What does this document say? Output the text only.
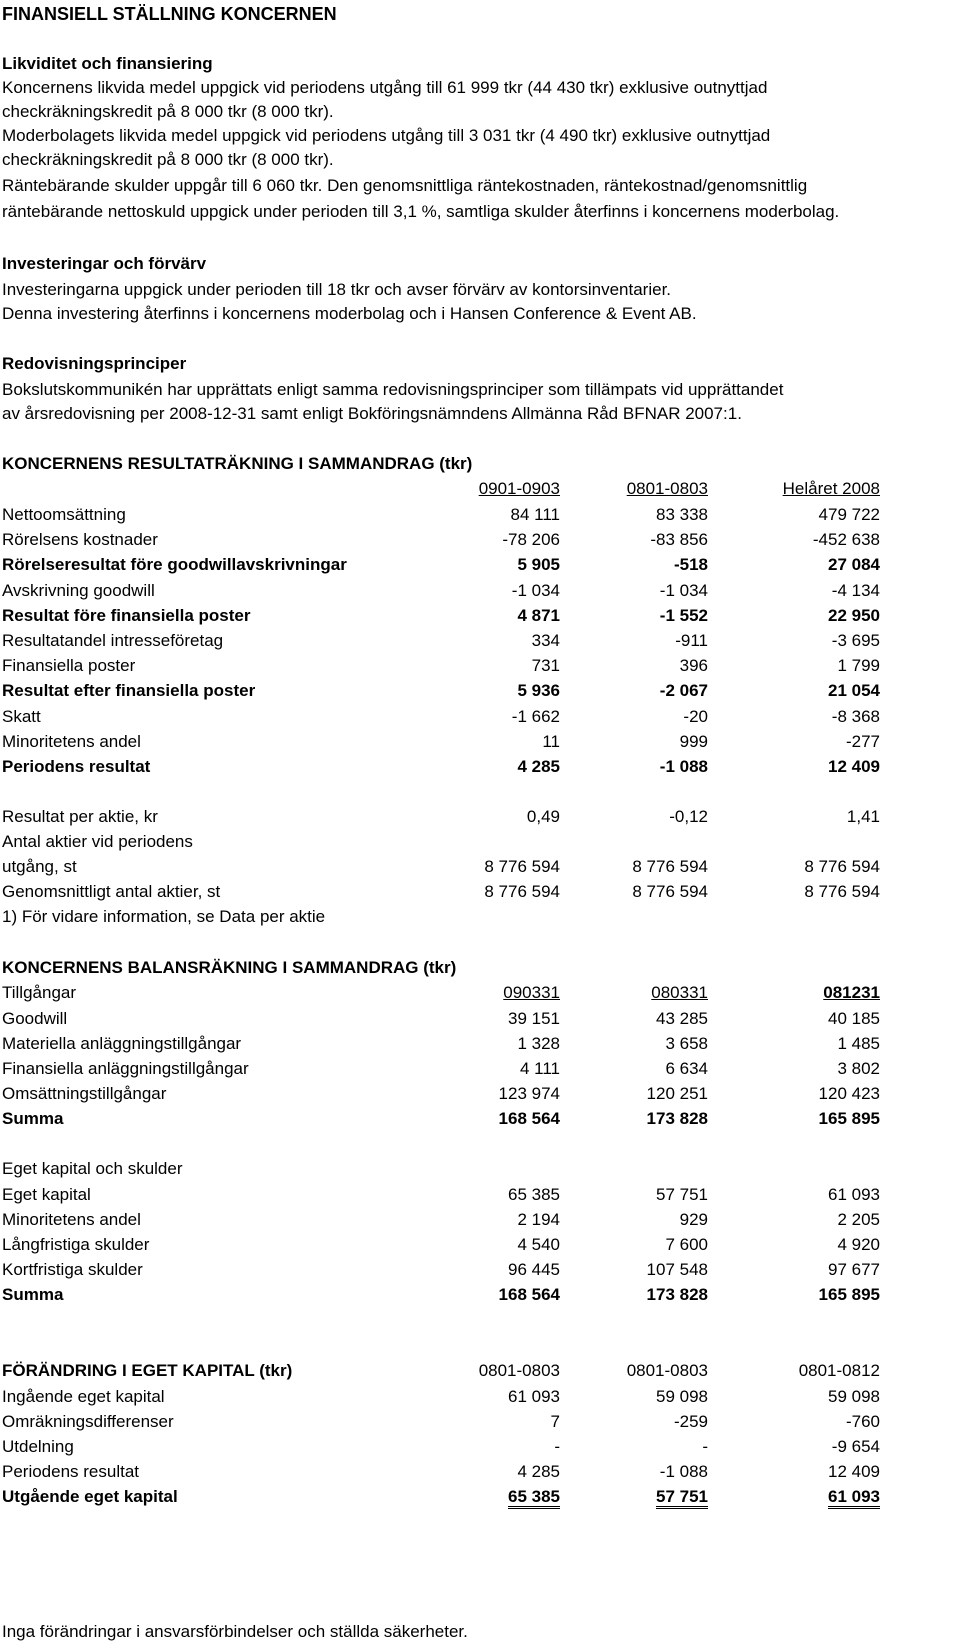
FINANSIELL STÄLLNING KONCERNEN
Likviditet och finansiering
Koncernens likvida medel uppgick vid periodens utgång till 61 999 tkr (44 430 tkr) exklusive outnyttjad
checkräkningskredit på 8 000 tkr (8 000 tkr).
Moderbolagets likvida medel uppgick vid periodens utgång till 3 031 tkr (4 490 tkr) exklusive outnyttjad
checkräkningskredit på 8 000 tkr (8 000 tkr).
Räntebärande skulder uppgår till 6 060 tkr. Den genomsnittliga räntekostnaden, räntekostnad/genomsnittlig
räntebärande nettoskuld uppgick under perioden till 3,1 %, samtliga skulder återfinns i koncernens moderbolag.
Investeringar och förvärv
Investeringarna uppgick under perioden till 18 tkr och avser förvärv av kontorsinventarier.
Denna investering återfinns i koncernens moderbolag och i Hansen Conference & Event AB.
Redovisningsprinciper
Bokslutskommunikén har upprättats enligt samma redovisningsprinciper som tillämpats vid upprättandet
av årsredovisning per 2008-12-31 samt enligt Bokföringsnämndens Allmänna Råd BFNAR 2007:1.
KONCERNENS RESULTATRÄKNING I SAMMANDRAG (tkr)
0901-0903	0801-0803	Helåret 2008
Nettoomsättning	84 111	83 338	479 722
Rörelsens kostnader	-78 206	-83 856	-452 638
Rörelseresultat före goodwillavskrivningar	5 905	-518	27 084
Avskrivning goodwill	-1 034	-1 034	-4 134
Resultat före finansiella poster	4 871	-1 552	22 950
Resultatandel intresseföretag	334	-911	-3 695
Finansiella poster	731	396	1 799
Resultat efter finansiella poster	5 936	-2 067	21 054
Skatt	-1 662	-20	-8 368
Minoritetens andel	11	999	-277
Periodens resultat	4 285	-1 088	12 409
Resultat per aktie, kr	0,49	-0,12	1,41
Antal aktier vid periodens
utgång, st	8 776 594	8 776 594	8 776 594
Genomsnittligt antal aktier, st	8 776 594	8 776 594	8 776 594
1) För vidare information, se Data per aktie
KONCERNENS BALANSRÄKNING I SAMMANDRAG (tkr)
Tillgångar	090331	080331	081231
Goodwill	39 151	43 285	40 185
Materiella anläggningstillgångar	1 328	3 658	1 485
Finansiella anläggningstillgångar	4 111	6 634	3 802
Omsättningstillgångar	123 974	120 251	120 423
Summa	168 564	173 828	165 895
Eget kapital och skulder
Eget kapital	65 385	57 751	61 093
Minoritetens andel	2 194	929	2 205
Långfristiga skulder	4 540	7 600	4 920
Kortfristiga skulder	96 445	107 548	97 677
Summa	168 564	173 828	165 895
FÖRÄNDRING I EGET KAPITAL (tkr)	0801-0803	0801-0803	0801-0812
Ingående eget kapital	61 093	59 098	59 098
Omräkningsdifferenser	7	-259	-760
Utdelning	-	-	-9 654
Periodens resultat	4 285	-1 088	12 409
Utgående eget kapital	65 385	57 751	61 093
Inga förändringar i ansvarsförbindelser och ställda säkerheter.
